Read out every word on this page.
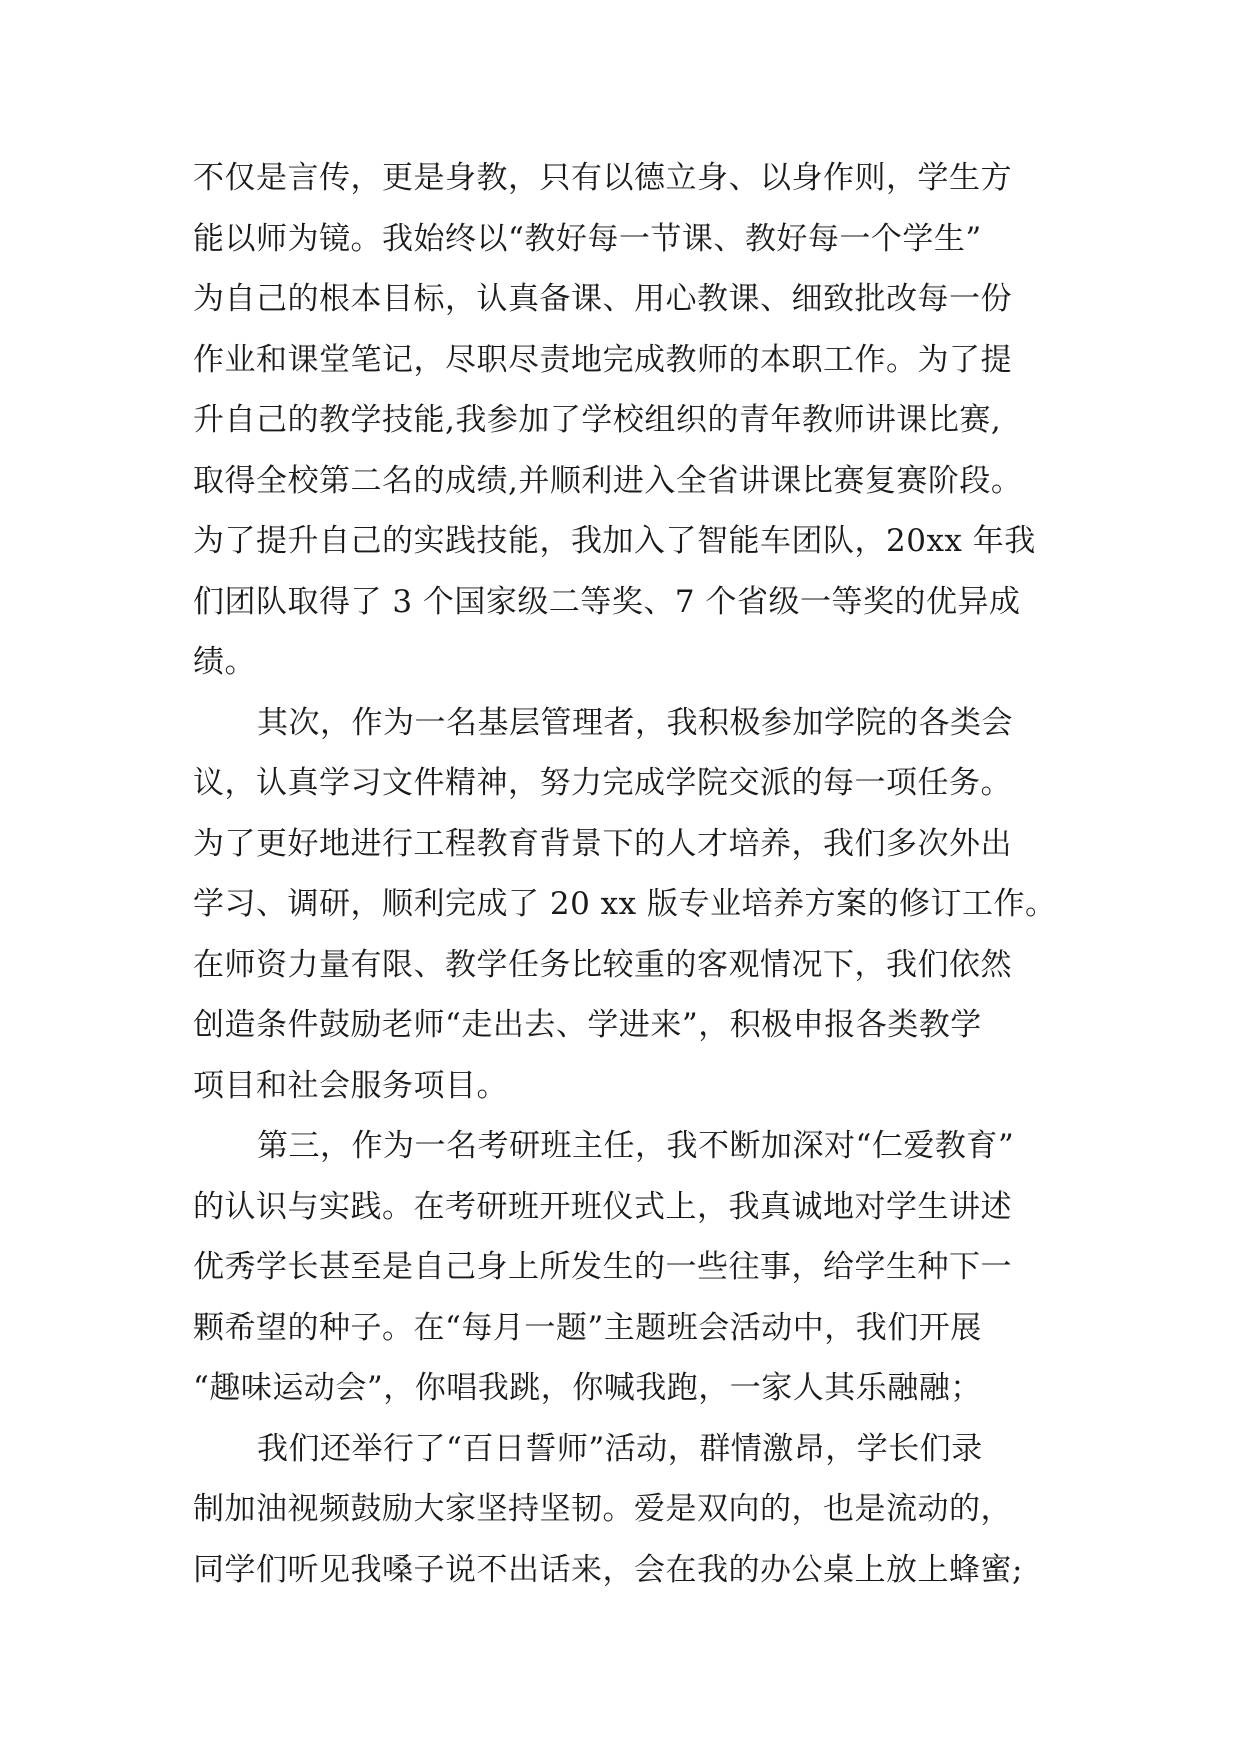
不仅是言传，更是身教，只有以德立身、以身作则，学生方
能以师为镜。我始终以“教好每一节课、教好每一个学生”
为自己的根本目标，认真备课、用心教课、细致批改每一份
作业和课堂笔记，尽职尽责地完成教师的本职工作。为了提
升自己的教学技能,我参加了学校组织的青年教师讲课比赛,
取得全校第二名的成绩,并顺利进入全省讲课比赛复赛阶段。
为了提升自己的实践技能，我加入了智能车团队，20xx 年我
们团队取得了 3 个国家级二等奖、7 个省级一等奖的优异成
绩。
其次，作为一名基层管理者，我积极参加学院的各类会
议，认真学习文件精神，努力完成学院交派的每一项任务。
为了更好地进行工程教育背景下的人才培养，我们多次外出
学习、调研，顺利完成了 20 xx 版专业培养方案的修订工作。
在师资力量有限、教学任务比较重的客观情况下，我们依然
创造条件鼓励老师“走出去、学进来”，积极申报各类教学
项目和社会服务项目。
第三，作为一名考研班主任，我不断加深对“仁爱教育”
的认识与实践。在考研班开班仪式上，我真诚地对学生讲述
优秀学长甚至是自己身上所发生的一些往事，给学生种下一
颗希望的种子。在“每月一题”主题班会活动中，我们开展
“趣味运动会”，你唱我跳，你喊我跑，一家人其乐融融；
我们还举行了“百日誓师”活动，群情激昂，学长们录
制加油视频鼓励大家坚持坚韧。爱是双向的，也是流动的，
同学们听见我嗓子说不出话来，会在我的办公桌上放上蜂蜜;
